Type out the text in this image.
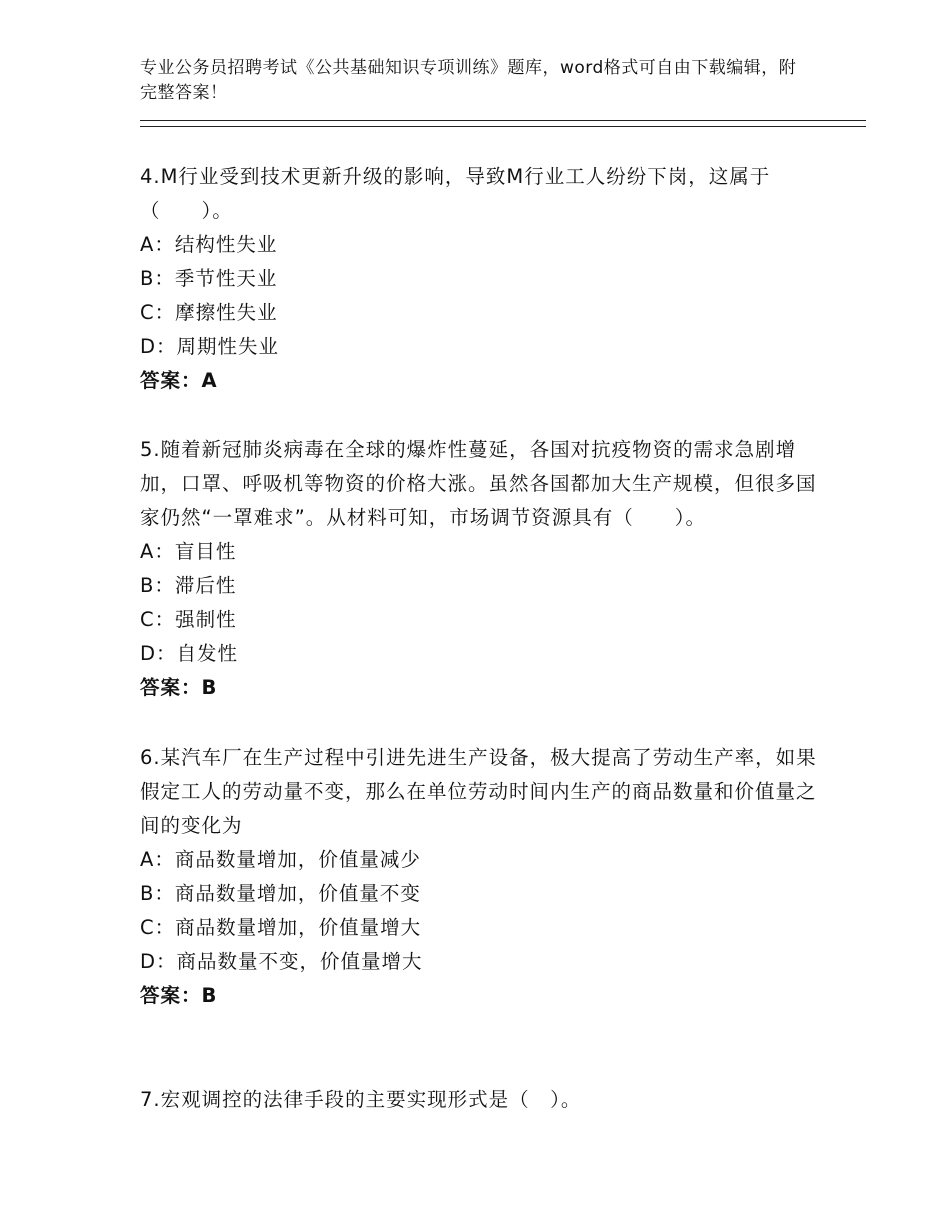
专业公务员招聘考试《公共基础知识专项训练》题库，word格式可自由下载编辑，附完整答案！
4.M行业受到技术更新升级的影响，导致M行业工人纷纷下岗，这属于（　　）。
A：结构性失业
B：季节性天业
C：摩擦性失业
D：周期性失业
答案：A
5.随着新冠肺炎病毒在全球的爆炸性蔓延，各国对抗疫物资的需求急剧增加，口罩、呼吸机等物资的价格大涨。虽然各国都加大生产规模，但很多国家仍然“一罩难求”。从材料可知，市场调节资源具有（　　）。
A：盲目性
B：滞后性
C：强制性
D：自发性
答案：B
6.某汽车厂在生产过程中引进先进生产设备，极大提高了劳动生产率，如果假定工人的劳动量不变，那么在单位劳动时间内生产的商品数量和价值量之间的变化为
A：商品数量增加，价值量减少
B：商品数量增加，价值量不变
C：商品数量增加，价值量增大
D：商品数量不变，价值量增大
答案：B
7.宏观调控的法律手段的主要实现形式是（　）。
